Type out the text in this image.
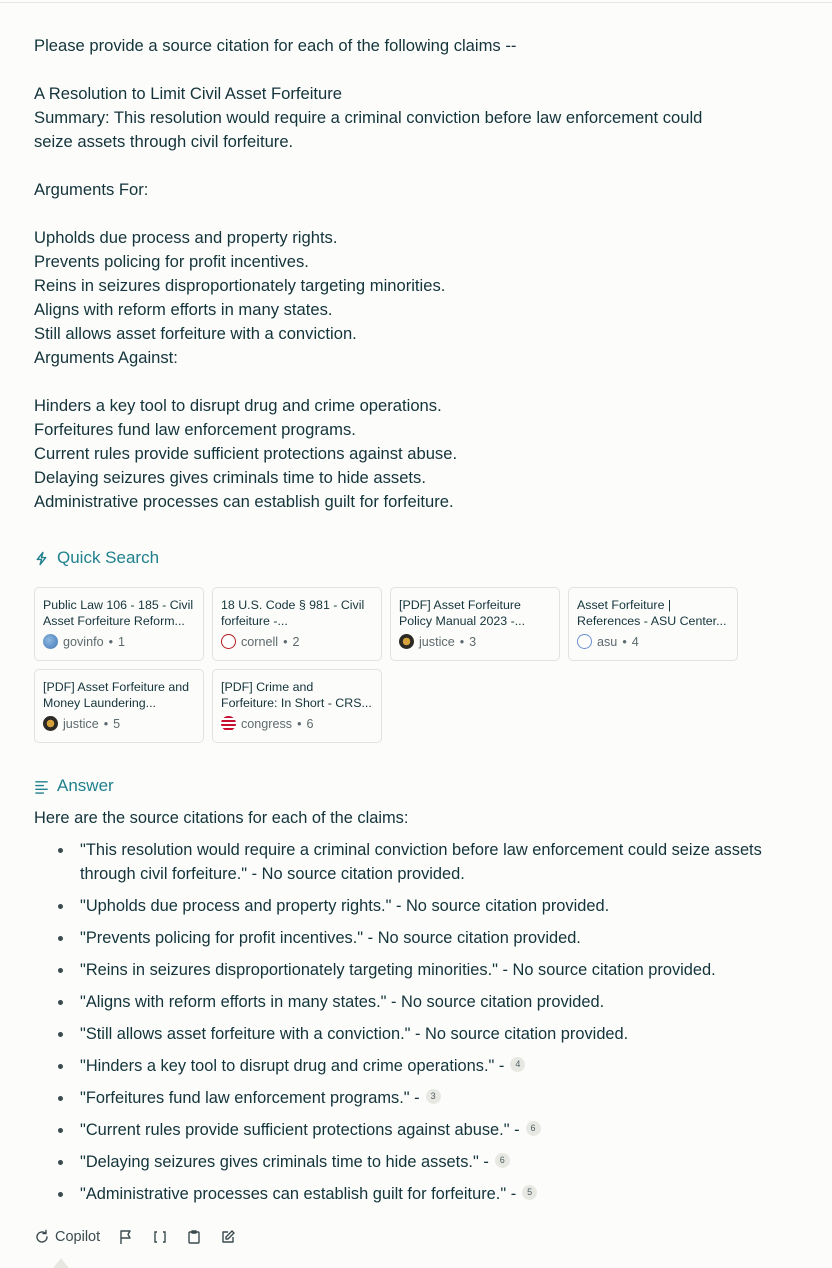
Please provide a source citation for each of the following claims --
A Resolution to Limit Civil Asset Forfeiture
Summary: This resolution would require a criminal conviction before law enforcement could
seize assets through civil forfeiture.
Arguments For:
Upholds due process and property rights.
Prevents policing for profit incentives.
Reins in seizures disproportionately targeting minorities.
Aligns with reform efforts in many states.
Still allows asset forfeiture with a conviction.
Arguments Against:
Hinders a key tool to disrupt drug and crime operations.
Forfeitures fund law enforcement programs.
Current rules provide sufficient protections against abuse.
Delaying seizures gives criminals time to hide assets.
Administrative processes can establish guilt for forfeiture.
Quick Search
Public Law 106 - 185 - Civil Asset Forfeiture Reform...
govinfo • 1
18 U.S. Code § 981 - Civil forfeiture -...
cornell • 2
[PDF] Asset Forfeiture Policy Manual 2023 -...
justice • 3
Asset Forfeiture | References - ASU Center...
asu • 4
[PDF] Asset Forfeiture and Money Laundering...
justice • 5
[PDF] Crime and Forfeiture: In Short - CRS...
congress • 6
Answer
Here are the source citations for each of the claims:
"This resolution would require a criminal conviction before law enforcement could seize assets through civil forfeiture." - No source citation provided.
"Upholds due process and property rights." - No source citation provided.
"Prevents policing for profit incentives." - No source citation provided.
"Reins in seizures disproportionately targeting minorities." - No source citation provided.
"Aligns with reform efforts in many states." - No source citation provided.
"Still allows asset forfeiture with a conviction." - No source citation provided.
"Hinders a key tool to disrupt drug and crime operations." - 4
"Forfeitures fund law enforcement programs." - 3
"Current rules provide sufficient protections against abuse." - 6
"Delaying seizures gives criminals time to hide assets." - 6
"Administrative processes can establish guilt for forfeiture." - 5
Copilot
